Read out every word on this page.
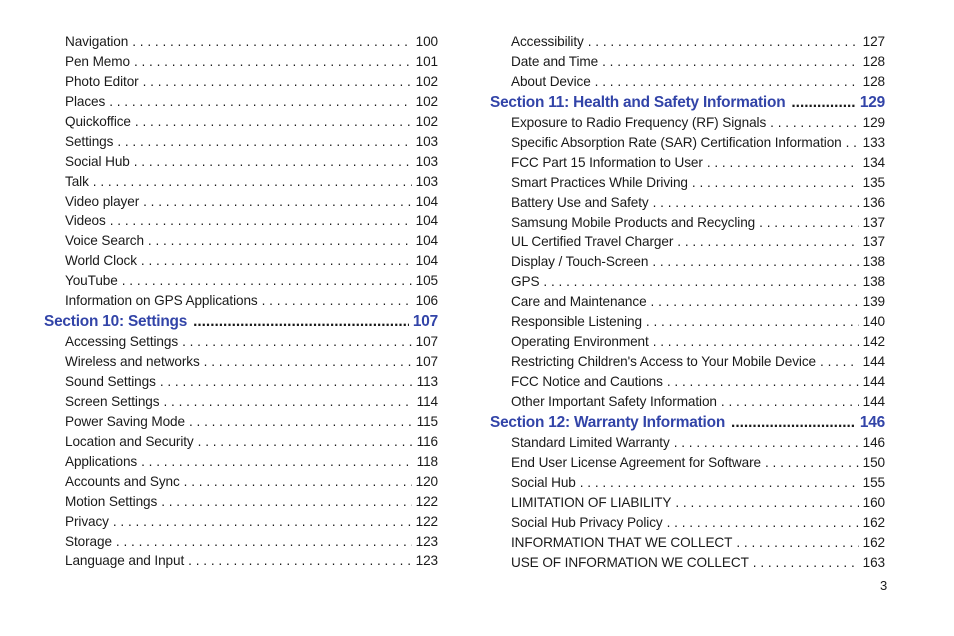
Navigation . . .	100
Pen Memo . . .	101
Photo Editor . . .	102
Places . . .	102
Quickoffice . . .	102
Settings . . .	103
Social Hub . . .	103
Talk . . .	103
Video player . . .	104
Videos . . .	104
Voice Search . . .	104
World Clock . . .	104
YouTube . . .	105
Information on GPS Applications . . .	106
Section 10: Settings .....	107
Accessing Settings . . .	107
Wireless and networks . . .	107
Sound Settings . . .	113
Screen Settings . . .	114
Power Saving Mode . . .	115
Location and Security . . .	116
Applications . . .	118
Accounts and Sync . . .	120
Motion Settings . . .	122
Privacy . . .	122
Storage . . .	123
Language and Input . . .	123
Accessibility . . .	127
Date and Time . . .	128
About Device . . .	128
Section 11: Health and Safety Information .....	129
Exposure to Radio Frequency (RF) Signals . . .	129
Specific Absorption Rate (SAR) Certification Information . . . 133
FCC Part 15 Information to User . . .	134
Smart Practices While Driving . . .	135
Battery Use and Safety . . .	136
Samsung Mobile Products and Recycling . . .	137
UL Certified Travel Charger . . .	137
Display / Touch-Screen . . .	138
GPS . . .	138
Care and Maintenance . . .	139
Responsible Listening . . .	140
Operating Environment . . .	142
Restricting Children's Access to Your Mobile Device . . .	144
FCC Notice and Cautions . . .	144
Other Important Safety Information . . .	144
Section 12: Warranty Information .....	146
Standard Limited Warranty . . .	146
End User License Agreement for Software . . .	150
Social Hub . . .	155
LIMITATION OF LIABILITY . . .	160
Social Hub Privacy Policy . . .	162
INFORMATION THAT WE COLLECT . . .	162
USE OF INFORMATION WE COLLECT . . .	163
3
